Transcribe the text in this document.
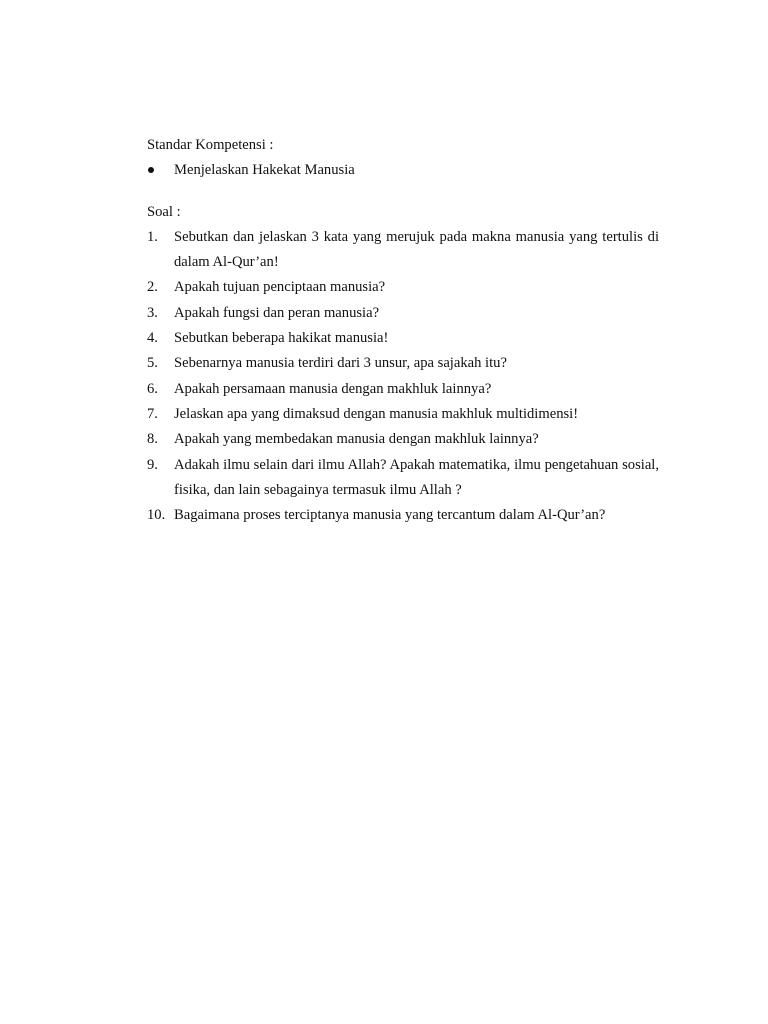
Standar Kompetensi :
Menjelaskan Hakekat Manusia
Soal :
1.	Sebutkan dan jelaskan 3 kata yang merujuk pada makna manusia yang tertulis di dalam Al-Qur’an!
2.	Apakah tujuan penciptaan manusia?
3.	Apakah fungsi dan peran manusia?
4.	Sebutkan beberapa hakikat manusia!
5.	Sebenarnya manusia terdiri dari 3 unsur, apa sajakah itu?
6.	Apakah persamaan manusia dengan makhluk lainnya?
7.	Jelaskan apa yang dimaksud dengan manusia makhluk multidimensi!
8.	Apakah yang membedakan manusia dengan makhluk lainnya?
9.	Adakah ilmu selain dari ilmu Allah? Apakah matematika, ilmu pengetahuan sosial, fisika, dan lain sebagainya termasuk ilmu Allah ?
10. Bagaimana proses terciptanya manusia yang tercantum dalam Al-Qur’an?
